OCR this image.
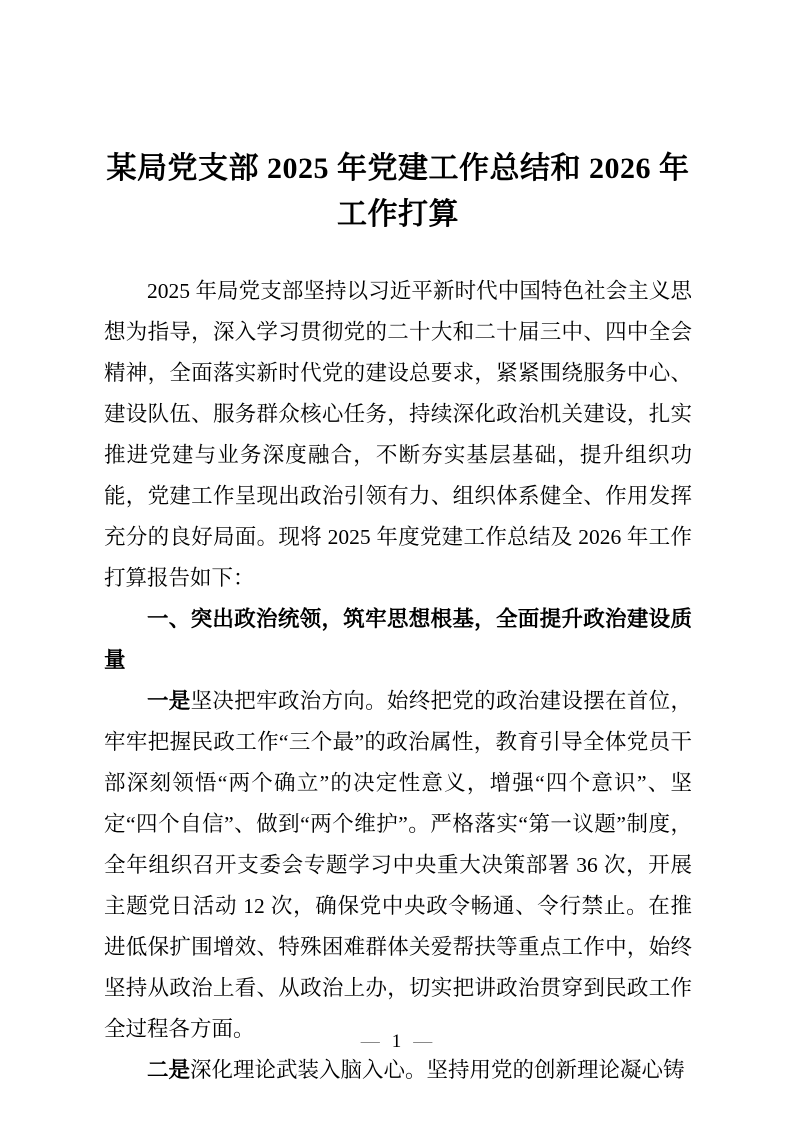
某局党支部 2025 年党建工作总结和 2026 年工作打算

2025 年局党支部坚持以习近平新时代中国特色社会主义思想为指导，深入学习贯彻党的二十大和二十届三中、四中全会精神，全面落实新时代党的建设总要求，紧紧围绕服务中心、建设队伍、服务群众核心任务，持续深化政治机关建设，扎实推进党建与业务深度融合，不断夯实基层基础，提升组织功能，党建工作呈现出政治引领有力、组织体系健全、作用发挥充分的良好局面。现将 2025 年度党建工作总结及 2026 年工作打算报告如下：

一、突出政治统领，筑牢思想根基，全面提升政治建设质量

一是坚决把牢政治方向。始终把党的政治建设摆在首位，牢牢把握民政工作“三个最”的政治属性，教育引导全体党员干部深刻领悟“两个确立”的决定性意义，增强“四个意识”、坚定“四个自信”、做到“两个维护”。严格落实“第一议题”制度，全年组织召开支委会专题学习中央重大决策部署 36 次，开展主题党日活动 12 次，确保党中央政令畅通、令行禁止。在推进低保扩围增效、特殊困难群体关爱帮扶等重点工作中，始终坚持从政治上看、从政治上办，切实把讲政治贯穿到民政工作全过程各方面。

二是深化理论武装入脑入心。坚持用党的创新理论凝心铸

— 1 —
